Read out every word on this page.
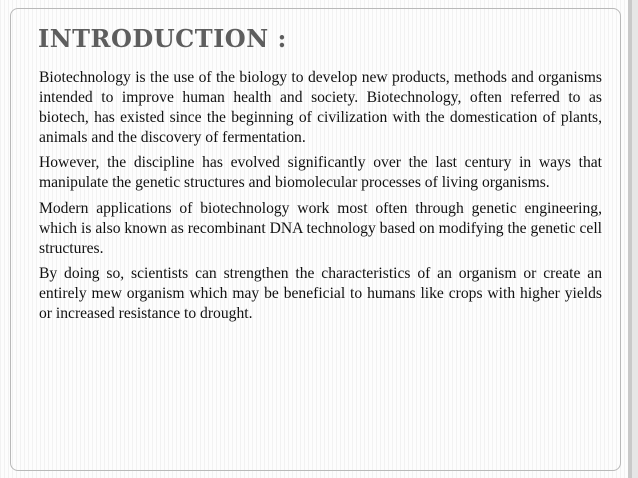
INTRODUCTION :

Biotechnology is the use of the biology to develop new products, methods and organisms intended to improve human health and society. Biotechnology, often referred to as biotech, has existed since the beginning of civilization with the domestication of plants, animals and the discovery of fermentation.

However, the discipline has evolved significantly over the last century in ways that manipulate the genetic structures and biomolecular processes of living organisms.

Modern applications of biotechnology work most often through genetic engineering, which is also known as recombinant DNA technology based on modifying the genetic cell structures.

By doing so, scientists can strengthen the characteristics of an organism or create an entirely mew organism which may be beneficial to humans like crops with higher yields or increased resistance to drought.
